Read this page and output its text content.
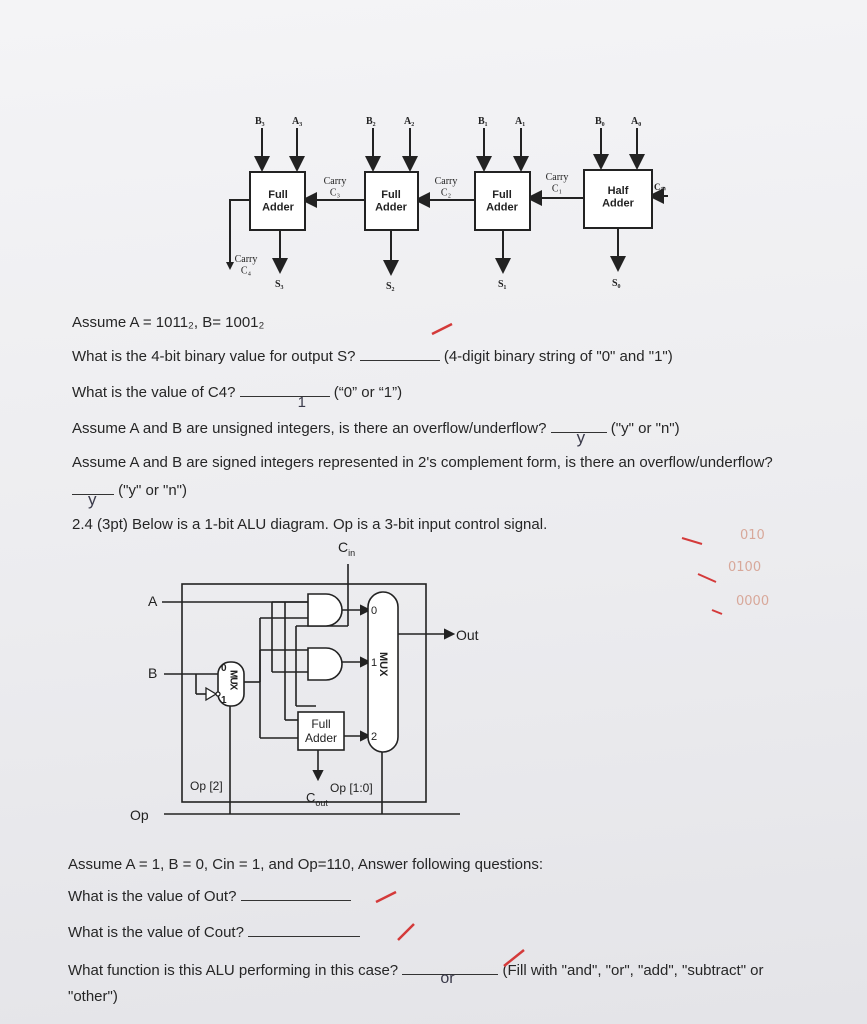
B₃	A₃	B₂	A₂	B₁	A₁	B₀	A₀
Full Adder
Full Adder
Full Adder
Half Adder
Carry C₄
Carry C₃
Carry C₂
Carry C₁	Cᵢₙ
S₃	S₂	S₁	S₀
Assume A = 1011₂, B= 1001₂
What is the 4-bit binary value for output S?	(4-digit binary string of "0" and "1")
What is the value of C4?
1
(“0” or “1”)
Assume A and B are unsigned integers, is there an overflow/underflow? y ("y" or "n")
Assume A and B are signed integers represented in 2's complement form, is there an overflow/underflow?
y ("y" or "n")
2.4 (3pt) Below is a 1-bit ALU diagram. Op is a 3-bit input control signal.
010
0100
0000
$C_{in}$
A
B
Op
Op [2]	Op [1:0]
$C_{out}$
Out
MUX
0
1
MUX
0
1
2
Full Adder
Assume A = 1, B = 0, Cin = 1, and Op=110, Answer following questions:
What is the value of Out?
What is the value of Cout?
What function is this ALU performing in this case?	or	(Fill with "and", "or", "add", "subtract" or
"other")
